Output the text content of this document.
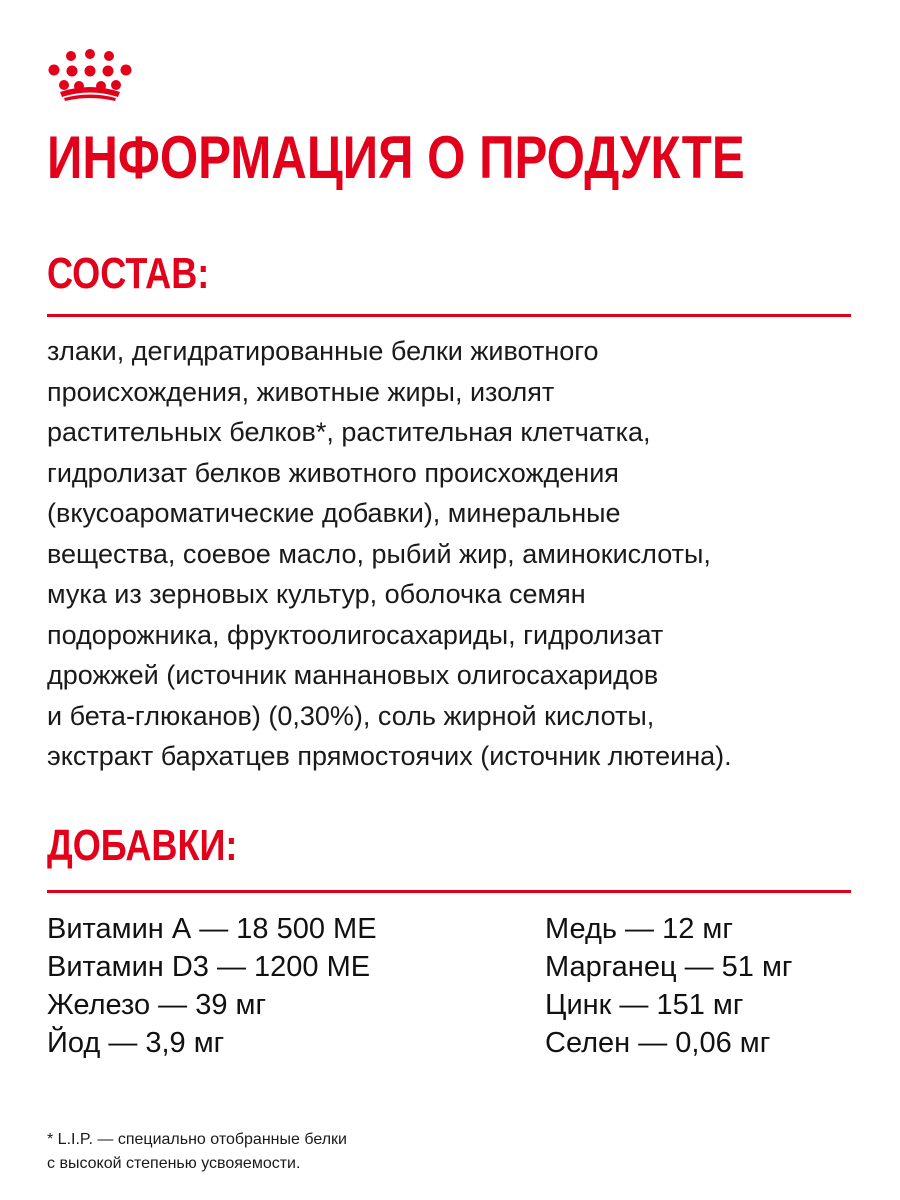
ИНФОРМАЦИЯ О ПРОДУКТЕ
СОСТАВ:
злаки, дегидратированные белки животного
происхождения, животные жиры, изолят
растительных белков*, растительная клетчатка,
гидролизат белков животного происхождения
(вкусоароматические добавки), минеральные
вещества, соевое масло, рыбий жир, аминокислоты,
мука из зерновых культур, оболочка семян
подорожника, фруктоолигосахариды, гидролизат
дрожжей (источник маннановых олигосахаридов
и бета-глюканов) (0,30%), соль жирной кислоты,
экстракт бархатцев прямостоячих (источник лютеина).
ДОБАВКИ:
Витамин А — 18 500 МЕ
Витамин D3 — 1200 МЕ
Железо — 39 мг
Йод — 3,9 мг
Медь — 12 мг
Марганец — 51 мг
Цинк — 151 мг
Селен — 0,06 мг
* L.I.P. — специально отобранные белки
с высокой степенью усвояемости.
